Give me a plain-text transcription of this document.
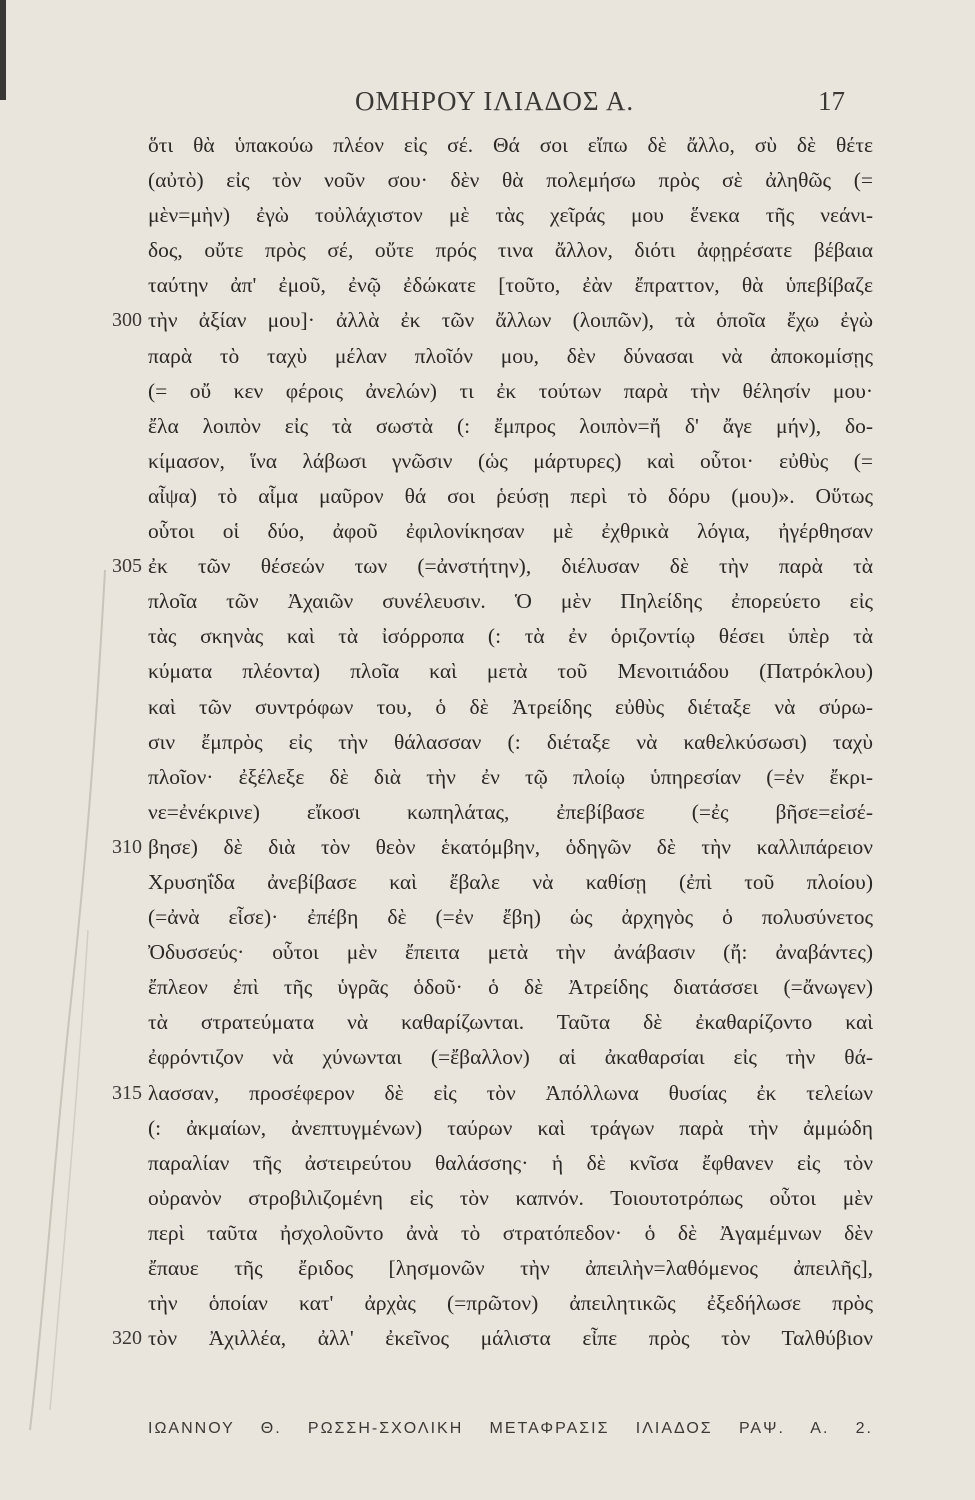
ΟΜΗΡΟΥ ΙΛΙΑΔΟΣ Α.	17
ὅτι θὰ ὑπακούω πλέον εἰς σέ. Θά σοι εἴπω δὲ ἄλλο, σὺ δὲ θέτε
(αὐτὸ) εἰς τὸν νοῦν σου· δὲν θὰ πολεμήσω πρὸς σὲ ἀληθῶς (=
μὲν=μὴν) ἐγὼ τοὐλάχιστον μὲ τὰς χεῖράς μου ἕνεκα τῆς νεάνι-
δος, οὔτε πρὸς σέ, οὔτε πρός τινα ἄλλον, διότι ἀφῃρέσατε βέβαια
ταύτην ἀπ' ἐμοῦ, ἐνῷ ἐδώκατε [τοῦτο, ἐὰν ἔπραττον, θὰ ὑπεβίβαζε
300 τὴν ἀξίαν μου]· ἀλλὰ ἐκ τῶν ἄλλων (λοιπῶν), τὰ ὁποῖα ἔχω ἐγὼ
παρὰ τὸ ταχὺ μέλαν πλοῖόν μου, δὲν δύνασαι νὰ ἀποκομίσῃς
(= οὔ κεν φέροις ἀνελών) τι ἐκ τούτων παρὰ τὴν θέλησίν μου·
ἔλα λοιπὸν εἰς τὰ σωστὰ (: ἔμπρος λοιπὸν=ἤ δ' ἄγε μήν), δο-
κίμασον, ἵνα λάβωσι γνῶσιν (ὡς μάρτυρες) καὶ οὗτοι· εὐθὺς (=
αἶψα) τὸ αἷμα μαῦρον θά σοι ῥεύσῃ περὶ τὸ δόρυ (μου)». Οὕτως
οὗτοι οἱ δύο, ἀφοῦ ἐφιλονίκησαν μὲ ἐχθρικὰ λόγια, ἠγέρθησαν
305 ἐκ τῶν θέσεών των (=ἀνστήτην), διέλυσαν δὲ τὴν παρὰ τὰ
πλοῖα τῶν Ἀχαιῶν συνέλευσιν. Ὁ μὲν Πηλείδης ἐπορεύετο εἰς
τὰς σκηνὰς καὶ τὰ ἰσόρροπα (: τὰ ἐν ὁριζοντίῳ θέσει ὑπὲρ τὰ
κύματα πλέοντα) πλοῖα καὶ μετὰ τοῦ Μενοιτιάδου (Πατρόκλου)
καὶ τῶν συντρόφων του, ὁ δὲ Ἀτρείδης εὐθὺς διέταξε νὰ σύρω-
σιν ἔμπρὸς εἰς τὴν θάλασσαν (: διέταξε νὰ καθελκύσωσι) ταχὺ
πλοῖον· ἐξέλεξε δὲ διὰ τὴν ἐν τῷ πλοίῳ ὑπηρεσίαν (=ἐν ἔκρι-
νε=ἐνέκρινε) εἴκοσι κωπηλάτας, ἐπεβίβασε (=ἐς βῆσε=εἰσέ-
310 βησε) δὲ διὰ τὸν θεὸν ἑκατόμβην, ὁδηγῶν δὲ τὴν καλλιπάρειον
Χρυσηΐδα ἀνεβίβασε καὶ ἔβαλε νὰ καθίσῃ (ἐπὶ τοῦ πλοίου)
(=ἀνὰ εἷσε)· ἐπέβη δὲ (=ἐν ἔβη) ὡς ἀρχηγὸς ὁ πολυσύνετος
Ὀδυσσεύς· οὗτοι μὲν ἔπειτα μετὰ τὴν ἀνάβασιν (ἤ: ἀναβάντες)
ἔπλεον ἐπὶ τῆς ὑγρᾶς ὁδοῦ· ὁ δὲ Ἀτρείδης διατάσσει (=ἄνωγεν)
τὰ στρατεύματα νὰ καθαρίζωνται. Ταῦτα δὲ ἐκαθαρίζοντο καὶ
ἐφρόντιζον νὰ χύνωνται (=ἔβαλλον) αἱ ἀκαθαρσίαι εἰς τὴν θά-
315 λασσαν, προσέφερον δὲ εἰς τὸν Ἀπόλλωνα θυσίας ἐκ τελείων
(: ἀκμαίων, ἀνεπτυγμένων) ταύρων καὶ τράγων παρὰ τὴν ἀμμώδη
παραλίαν τῆς ἀστειρεύτου θαλάσσης· ἡ δὲ κνῖσα ἔφθανεν εἰς τὸν
οὐρανὸν στροβιλιζομένη εἰς τὸν καπνόν. Τοιουτοτρόπως οὗτοι μὲν
περὶ ταῦτα ἠσχολοῦντο ἀνὰ τὸ στρατόπεδον· ὁ δὲ Ἀγαμέμνων δὲν
ἔπαυε τῆς ἔριδος [λησμονῶν τὴν ἀπειλὴν=λαθόμενος ἀπειλῆς],
τὴν ὁποίαν κατ' ἀρχὰς (=πρῶτον) ἀπειλητικῶς ἐξεδήλωσε πρὸς
320 τὸν Ἀχιλλέα, ἀλλ' ἐκεῖνος μάλιστα εἶπε πρὸς τὸν Ταλθύβιον
ΙΩΑΝΝΟΥ Θ. ΡΩΣΣΗ-ΣΧΟΛΙΚΗ ΜΕΤΑΦΡΑΣΙΣ ΙΛΙΑΔΟΣ ΡΑΨ. Α. 2.
